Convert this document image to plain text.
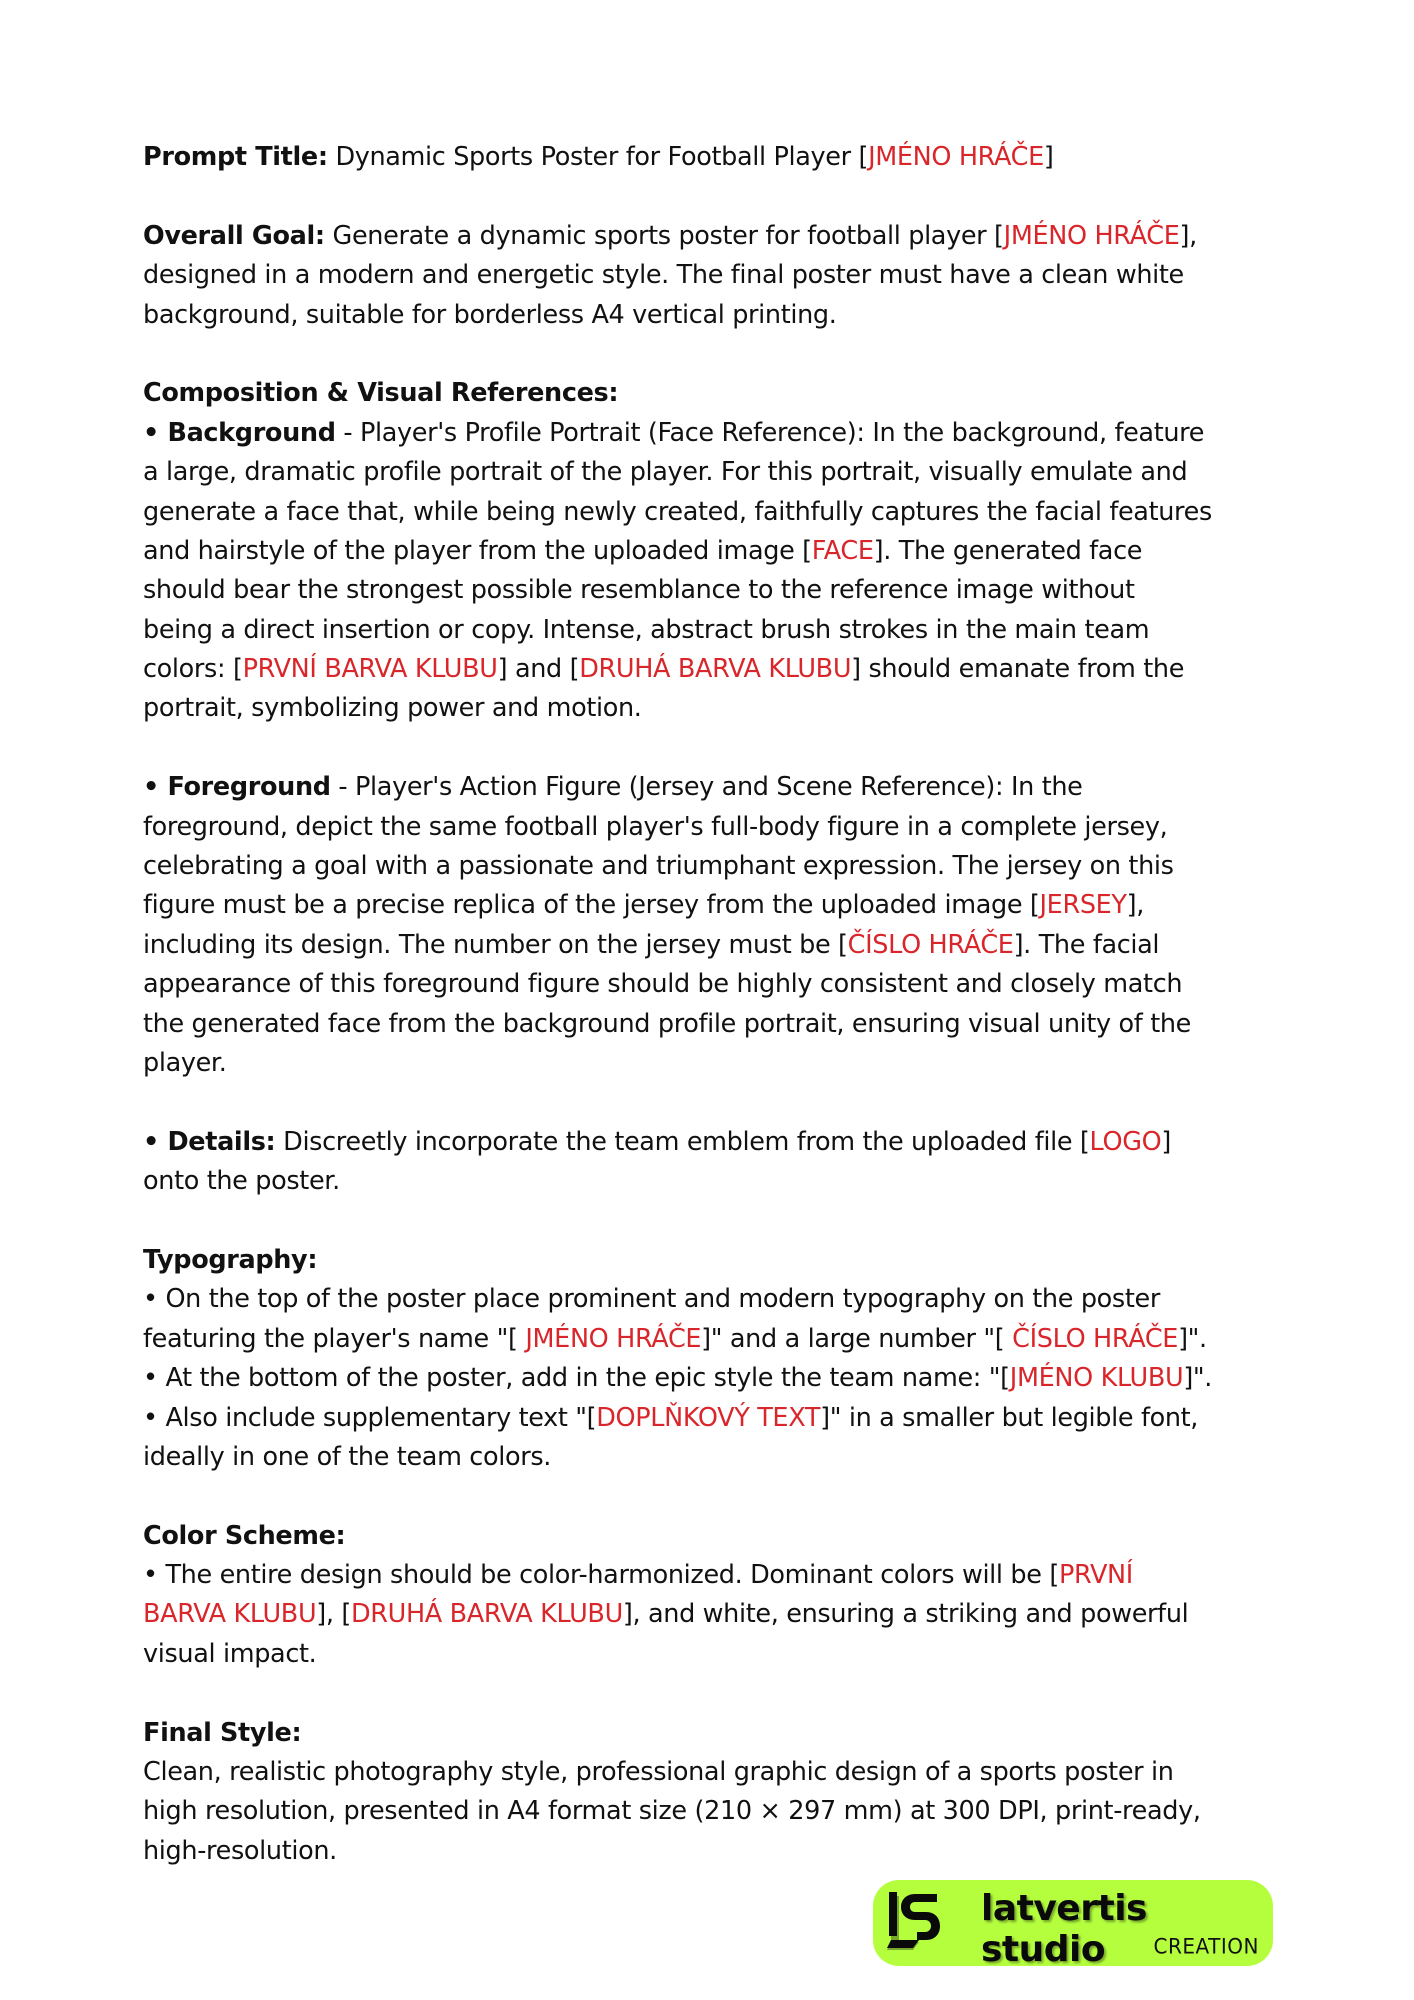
Prompt Title: Dynamic Sports Poster for Football Player [JMÉNO HRÁČE]
Overall Goal: Generate a dynamic sports poster for football player [JMÉNO HRÁČE],
designed in a modern and energetic style. The final poster must have a clean white
background, suitable for borderless A4 vertical printing.
Composition & Visual References:
• Background - Player's Profile Portrait (Face Reference): In the background, feature
a large, dramatic profile portrait of the player. For this portrait, visually emulate and
generate a face that, while being newly created, faithfully captures the facial features
and hairstyle of the player from the uploaded image [FACE]. The generated face
should bear the strongest possible resemblance to the reference image without
being a direct insertion or copy. Intense, abstract brush strokes in the main team
colors: [PRVNÍ BARVA KLUBU] and [DRUHÁ BARVA KLUBU] should emanate from the
portrait, symbolizing power and motion.
• Foreground - Player's Action Figure (Jersey and Scene Reference): In the
foreground, depict the same football player's full-body figure in a complete jersey,
celebrating a goal with a passionate and triumphant expression. The jersey on this
figure must be a precise replica of the jersey from the uploaded image [JERSEY],
including its design. The number on the jersey must be [ČÍSLO HRÁČE]. The facial
appearance of this foreground figure should be highly consistent and closely match
the generated face from the background profile portrait, ensuring visual unity of the
player.
• Details: Discreetly incorporate the team emblem from the uploaded file [LOGO]
onto the poster.
Typography:
• On the top of the poster place prominent and modern typography on the poster
featuring the player's name "[ JMÉNO HRÁČE]" and a large number "[ ČÍSLO HRÁČE]".
• At the bottom of the poster, add in the epic style the team name: "[JMÉNO KLUBU]".
• Also include supplementary text "[DOPLŇKOVÝ TEXT]" in a smaller but legible font,
ideally in one of the team colors.
Color Scheme:
• The entire design should be color-harmonized. Dominant colors will be [PRVNÍ
BARVA KLUBU], [DRUHÁ BARVA KLUBU], and white, ensuring a striking and powerful
visual impact.
Final Style:
Clean, realistic photography style, professional graphic design of a sports poster in
high resolution, presented in A4 format size (210 × 297 mm) at 300 DPI, print-ready,
high-resolution.
latvertis studio	CREATION
